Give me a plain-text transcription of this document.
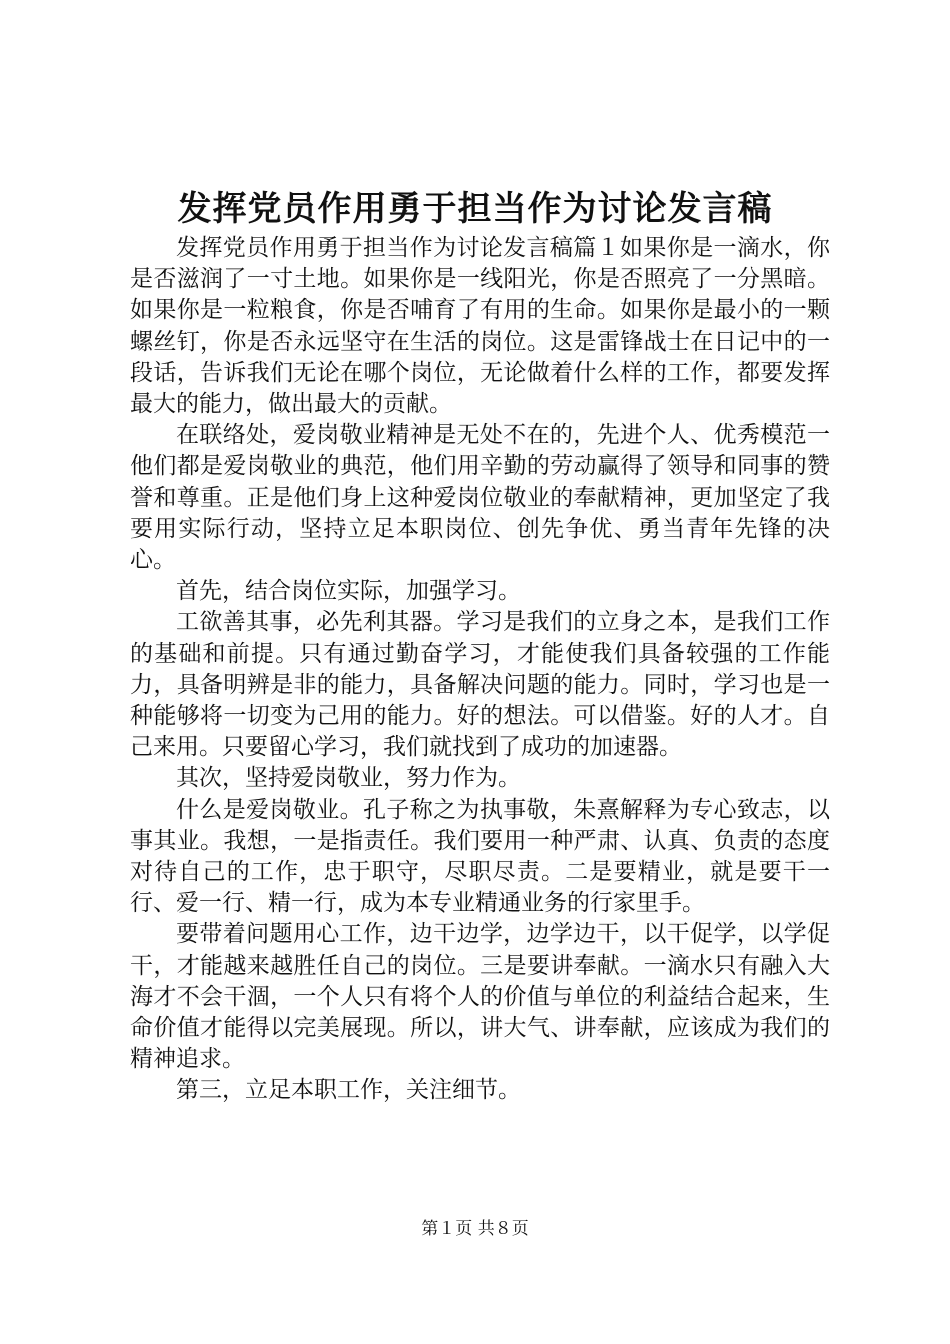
发挥党员作用勇于担当作为讨论发言稿

发挥党员作用勇于担当作为讨论发言稿篇１如果你是一滴水，你是否滋润了一寸土地。如果你是一线阳光，你是否照亮了一分黑暗。如果你是一粒粮食，你是否哺育了有用的生命。如果你是最小的一颗螺丝钉，你是否永远坚守在生活的岗位。这是雷锋战士在日记中的一段话，告诉我们无论在哪个岗位，无论做着什么样的工作，都要发挥最大的能力，做出最大的贡献。

在联络处，爱岗敬业精神是无处不在的，先进个人、优秀模范一他们都是爱岗敬业的典范，他们用辛勤的劳动赢得了领导和同事的赞誉和尊重。正是他们身上这种爱岗位敬业的奉献精神，更加坚定了我要用实际行动，坚持立足本职岗位、创先争优、勇当青年先锋的决心。

首先，结合岗位实际，加强学习。

工欲善其事，必先利其器。学习是我们的立身之本，是我们工作的基础和前提。只有通过勤奋学习，才能使我们具备较强的工作能力，具备明辨是非的能力，具备解决问题的能力。同时，学习也是一种能够将一切变为己用的能力。好的想法。可以借鉴。好的人才。自己来用。只要留心学习，我们就找到了成功的加速器。

其次，坚持爱岗敬业，努力作为。

什么是爱岗敬业。孔子称之为执事敬，朱熹解释为专心致志，以事其业。我想，一是指责任。我们要用一种严肃、认真、负责的态度对待自己的工作，忠于职守，尽职尽责。二是要精业，就是要干一行、爱一行、精一行，成为本专业精通业务的行家里手。

要带着问题用心工作，边干边学，边学边干，以干促学，以学促干，才能越来越胜任自己的岗位。三是要讲奉献。一滴水只有融入大海才不会干涸，一个人只有将个人的价值与单位的利益结合起来，生命价值才能得以完美展现。所以，讲大气、讲奉献，应该成为我们的精神追求。

第三，立足本职工作，关注细节。

第１页 共８页
